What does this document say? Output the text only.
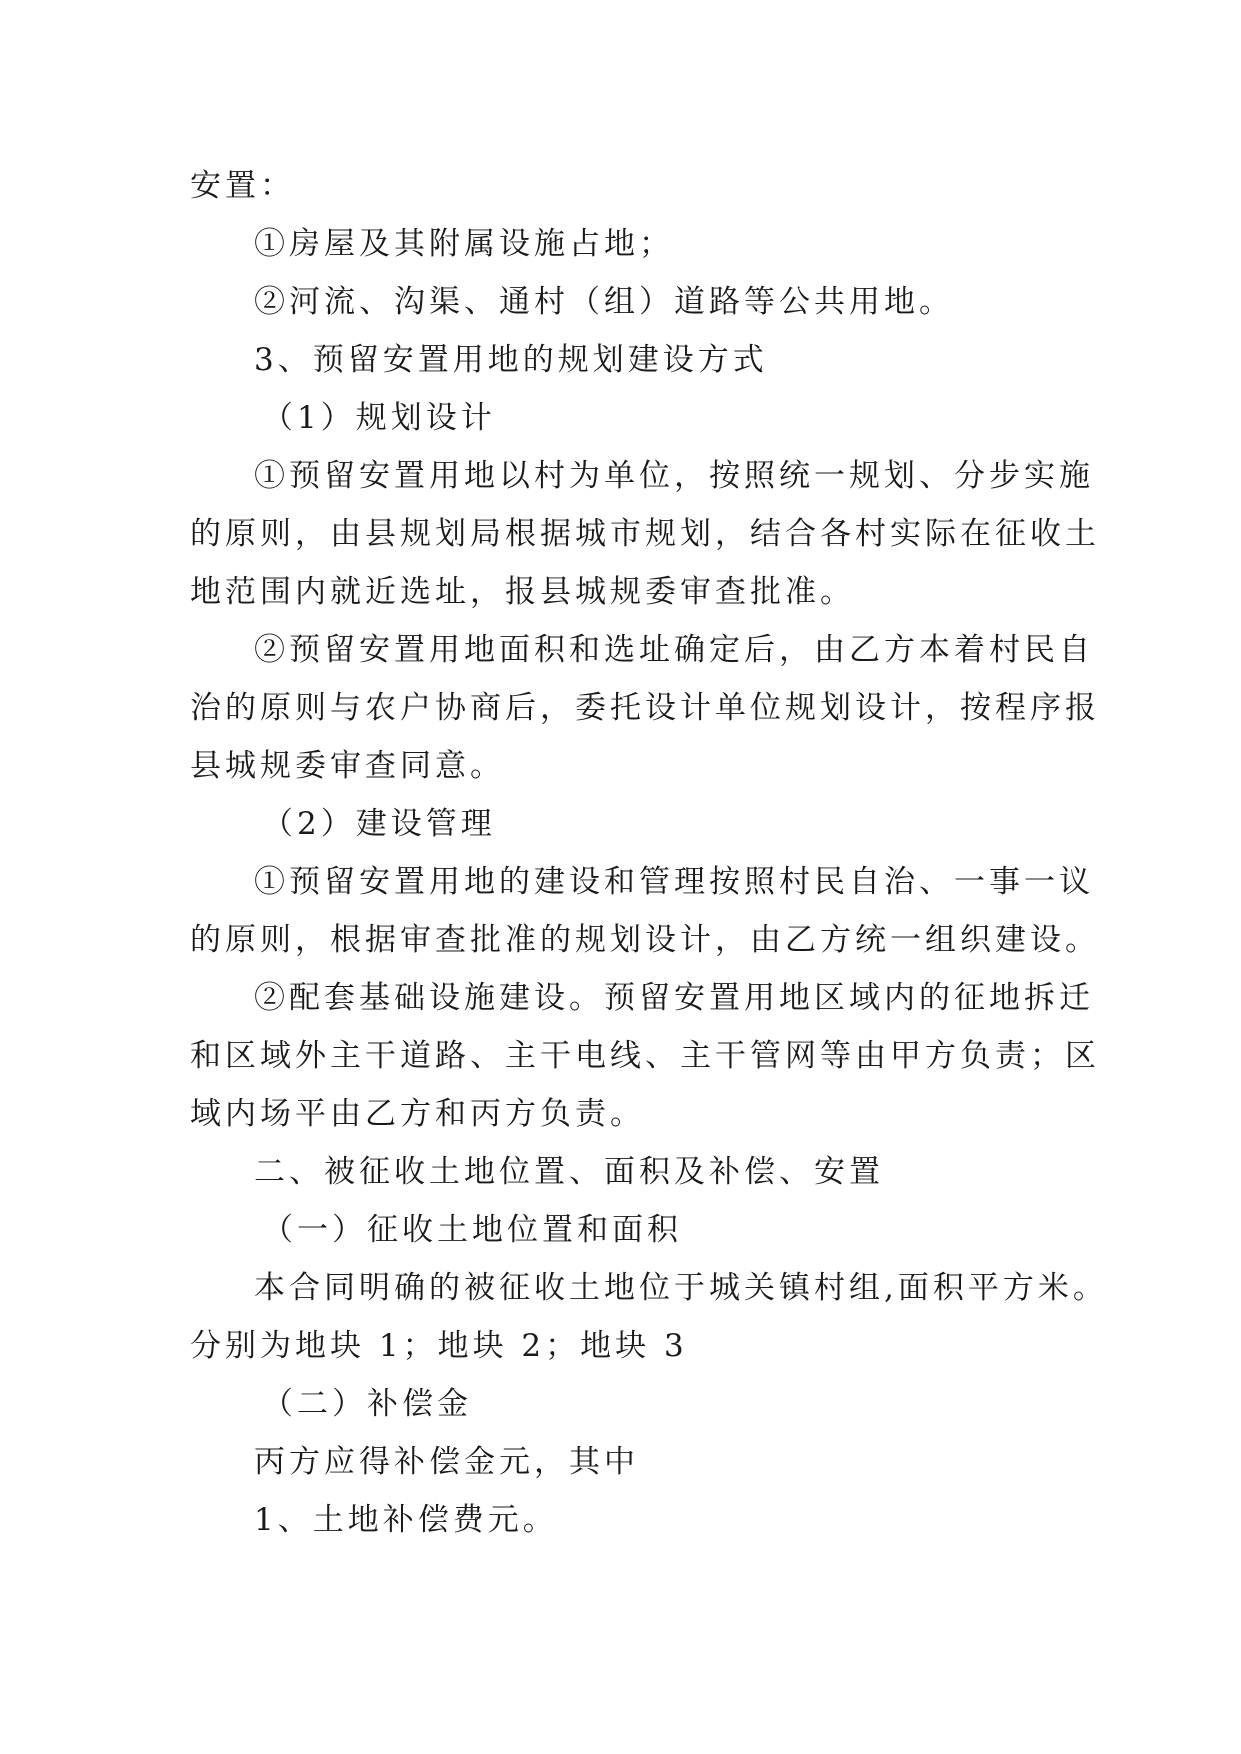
安置：
①房屋及其附属设施占地；
②河流、沟渠、通村（组）道路等公共用地。
3、预留安置用地的规划建设方式
（1）规划设计
①预留安置用地以村为单位，按照统一规划、分步实施
的原则，由县规划局根据城市规划，结合各村实际在征收土
地范围内就近选址，报县城规委审查批准。
②预留安置用地面积和选址确定后，由乙方本着村民自
治的原则与农户协商后，委托设计单位规划设计，按程序报
县城规委审查同意。
（2）建设管理
①预留安置用地的建设和管理按照村民自治、一事一议
的原则，根据审查批准的规划设计，由乙方统一组织建设。
②配套基础设施建设。预留安置用地区域内的征地拆迁
和区域外主干道路、主干电线、主干管网等由甲方负责；区
域内场平由乙方和丙方负责。
二、被征收土地位置、面积及补偿、安置
（一）征收土地位置和面积
本合同明确的被征收土地位于城关镇村组,面积平方米。
分别为地块 1；地块 2；地块 3
（二）补偿金
丙方应得补偿金元，其中
1、土地补偿费元。
